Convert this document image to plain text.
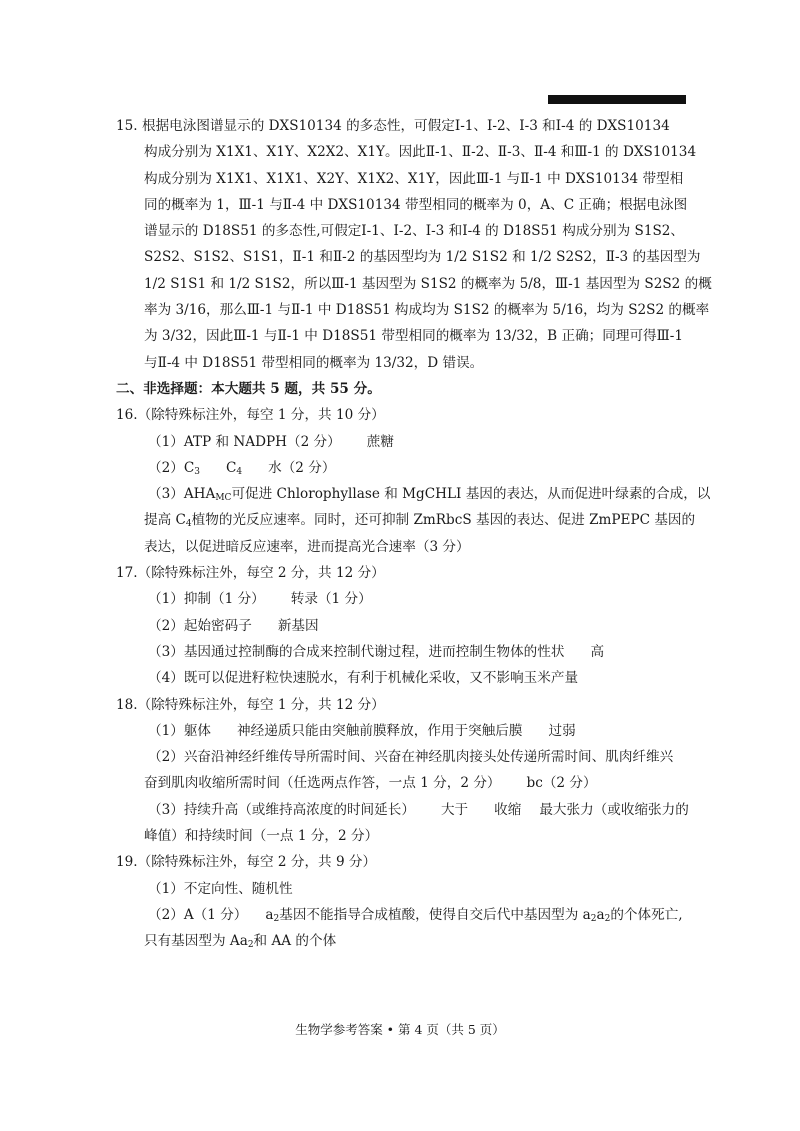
15. 根据电泳图谱显示的 DXS10134 的多态性，可假定Ⅰ-1、Ⅰ-2、Ⅰ-3 和Ⅰ-4 的 DXS10134
构成分别为 X1X1、X1Y、X2X2、X1Y。因此Ⅱ-1、Ⅱ-2、Ⅱ-3、Ⅱ-4 和Ⅲ-1 的 DXS10134
构成分别为 X1X1、X1X1、X2Y、X1X2、X1Y，因此Ⅲ-1 与Ⅱ-1 中 DXS10134 带型相
同的概率为 1，Ⅲ-1 与Ⅱ-4 中 DXS10134 带型相同的概率为 0，A、C 正确；根据电泳图
谱显示的 D18S51 的多态性,可假定Ⅰ-1、Ⅰ-2、Ⅰ-3 和Ⅰ-4 的 D18S51 构成分别为 S1S2、
S2S2、S1S2、S1S1，Ⅱ-1 和Ⅱ-2 的基因型均为 1/2 S1S2 和 1/2 S2S2，Ⅱ-3 的基因型为
1/2 S1S1 和 1/2 S1S2，所以Ⅲ-1 基因型为 S1S2 的概率为 5/8，Ⅲ-1 基因型为 S2S2 的概
率为 3/16，那么Ⅲ-1 与Ⅱ-1 中 D18S51 构成均为 S1S2 的概率为 5/16，均为 S2S2 的概率
为 3/32，因此Ⅲ-1 与Ⅱ-1 中 D18S51 带型相同的概率为 13/32，B 正确；同理可得Ⅲ-1
与Ⅱ-4 中 D18S51 带型相同的概率为 13/32，D 错误。
二、非选择题：本大题共 5 题，共 55 分。
16.（除特殊标注外，每空 1 分，共 10 分）
（1）ATP 和 NADPH（2 分） 蔗糖
$(2)C_3$ $C_4$ 水（2 分）
$(3)AHA_{MC}$可促进 Chlorophyllase 和 MgCHLI 基因的表达，从而促进叶绿素的合成，以
提高 $C_4$植物的光反应速率。同时，还可抑制 ZmRbcS 基因的表达、促进 ZmPEPC 基因的
表达，以促进暗反应速率，进而提高光合速率（3 分）
17.（除特殊标注外，每空 2 分，共 12 分）
（1）抑制（1 分） 转录（1 分）
（2）起始密码子 新基因
（3）基因通过控制酶的合成来控制代谢过程，进而控制生物体的性状 高
（4）既可以促进籽粒快速脱水，有利于机械化采收，又不影响玉米产量
18.（除特殊标注外，每空 1 分，共 12 分）
（1）躯体 神经递质只能由突触前膜释放，作用于突触后膜 过弱
（2）兴奋沿神经纤维传导所需时间、兴奋在神经肌肉接头处传递所需时间、肌肉纤维兴
奋到肌肉收缩所需时间（任选两点作答，一点 1 分，2 分） bc（2 分）
（3）持续升高（或维持高浓度的时间延长） 大于 收缩 最大张力（或收缩张力的
峰值）和持续时间（一点 1 分，2 分）
19.（除特殊标注外，每空 2 分，共 9 分）
（1）不定向性、随机性
（2）A（1 分） $a_2$基因不能指导合成植酸，使得自交后代中基因型为 $a_2a_2$的个体死亡,
只有基因型为 $Aa_2$和 AA 的个体
生物学参考答案 • 第 4 页（共 5 页）
